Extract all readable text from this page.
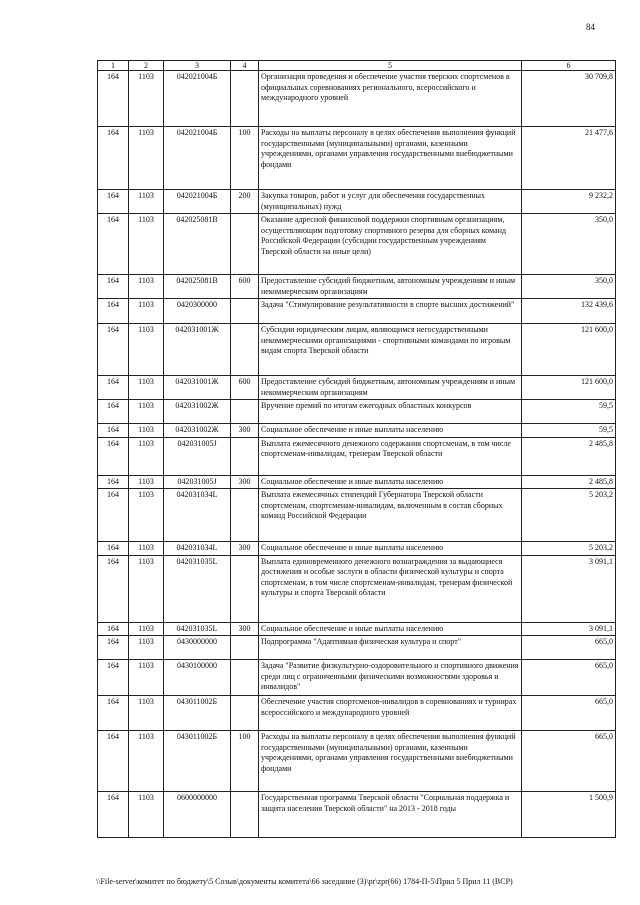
84
1	2	3	4	5	6
164	1103	042021004Б		Организация проведения и обеспечение участия тверских спортсменов в официальных соревнованиях регионального, всероссийского и международного уровней	30 709,8
164	1103	042021004Б	100	Расходы на выплаты персоналу в целях обеспечения выполнения функций государственными (муниципальными) органами, казенными учреждениями, органами управления государственными внебюджетными фондами	21 477,6
164	1103	042021004Б	200	Закупка товаров, работ и услуг для обеспечения государственных (муниципальных) нужд	9 232,2
164	1103	042025081В		Оказание адресной финансовой поддержки спортивным организациям, осуществляющим подготовку спортивного резерва для сборных команд Российской Федерации (субсидии государственным учреждениям Тверской области на иные цели)	350,0
164	1103	042025081В	600	Предоставление субсидий бюджетным, автономным учреждениям и иным некоммерческим организациям	350,0
164	1103	0420300000		Задача "Стимулирование результативности в спорте высших достижений"	132 439,6
164	1103	042031001Ж		Субсидии юридическим лицам, являющимся негосударственными некоммерческими организациями - спортивными командами по игровым видам спорта Тверской области	121 600,0
164	1103	042031001Ж	600	Предоставление субсидий бюджетным, автономным учреждениям и иным некоммерческим организациям	121 600,0
164	1103	042031002Ж		Вручение премий по итогам ежегодных областных конкурсов	59,5
164	1103	042031002Ж	300	Социальное обеспечение и иные выплаты населению	59,5
164	1103	042031005J		Выплата ежемесячного денежного содержания спортсменам, в том числе спортсменам-инвалидам, тренерам Тверской области	2 485,8
164	1103	042031005J	300	Социальное обеспечение и иные выплаты населению	2 485,8
164	1103	042031034L		Выплата ежемесячных стипендий Губернатора Тверской области спортсменам, спортсменам-инвалидам, включенным в состав сборных команд Российской Федерации	5 203,2
164	1103	042031034L	300	Социальное обеспечение и иные выплаты населению	5 203,2
164	1103	042031035L		Выплата единовременного денежного вознаграждения за выдающиеся достижения и особые заслуги в области физической культуры и спорта спортсменам, в том числе спортсменам-инвалидам, тренерам физической культуры и спорта Тверской области	3 091,1
164	1103	042031035L	300	Социальное обеспечение и иные выплаты населению	3 091,1
164	1103	0430000000		Подпрограмма "Адаптивная физическая культура и спорт"	665,0
164	1103	0430100000		Задача "Развитие физкультурно-оздоровительного и спортивного движения среди лиц с ограниченными физическими возможностями здоровья и инвалидов"	665,0
164	1103	043011002Б		Обеспечение участия спортсменов-инвалидов в соревнованиях и турнирах всероссийского и международного уровней	665,0
164	1103	043011002Б	100	Расходы на выплаты персоналу в целях обеспечения выполнения функций государственными (муниципальными) органами, казенными учреждениями, органами управления государственными внебюджетными фондами	665,0
164	1103	0600000000		Государственная программа Тверской области "Социальная поддержка и защита населения Тверской области" на 2013 - 2018 годы	1 500,9
\\File-server\комитет по бюджету\5 Созыв\документы комитета\66 заседание (3)\pr\zpr(66) 1784-П-5\Прил 5 Прил 11 (ВСР)
